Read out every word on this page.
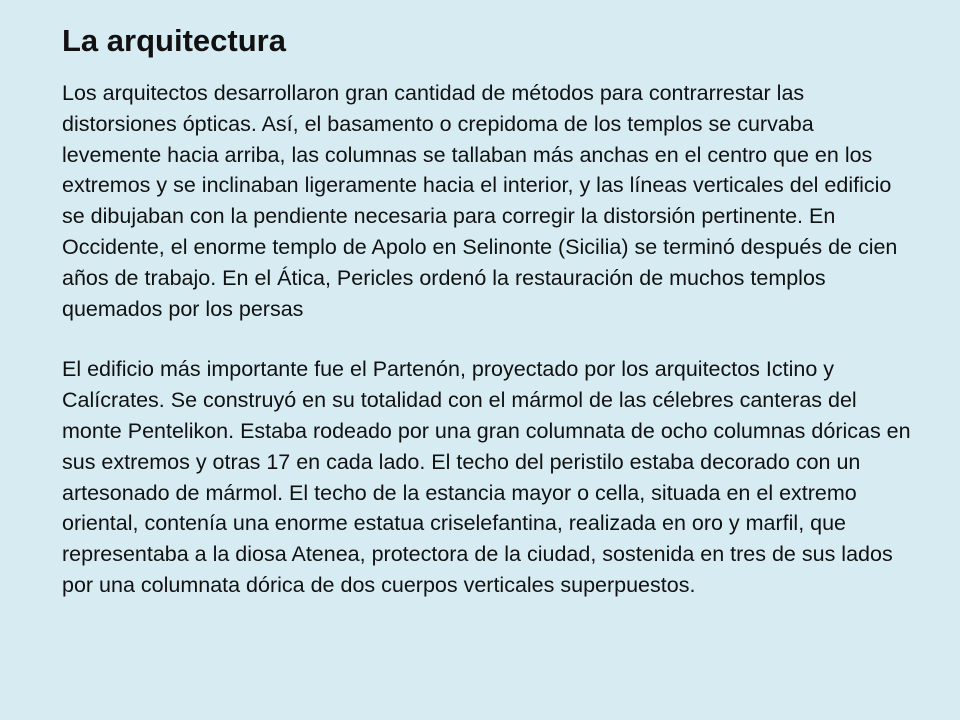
La arquitectura

Los arquitectos desarrollaron gran cantidad de métodos para contrarrestar las distorsiones ópticas. Así, el basamento o crepidoma de los templos se curvaba levemente hacia arriba, las columnas se tallaban más anchas en el centro que en los extremos y se inclinaban ligeramente hacia el interior, y las líneas verticales del edificio se dibujaban con la pendiente necesaria para corregir la distorsión pertinente. En Occidente, el enorme templo de Apolo en Selinonte (Sicilia) se terminó después de cien años de trabajo. En el Ática, Pericles ordenó la restauración de muchos templos quemados por los persas

El edificio más importante fue el Partenón, proyectado por los arquitectos Ictino y Calícrates. Se construyó en su totalidad con el mármol de las célebres canteras del monte Pentelikon. Estaba rodeado por una gran columnata de ocho columnas dóricas en sus extremos y otras 17 en cada lado. El techo del peristilo estaba decorado con un artesonado de mármol. El techo de la estancia mayor o cella, situada en el extremo oriental, contenía una enorme estatua criselefantina, realizada en oro y marfil, que representaba a la diosa Atenea, protectora de la ciudad, sostenida en tres de sus lados por una columnata dórica de dos cuerpos verticales superpuestos.
